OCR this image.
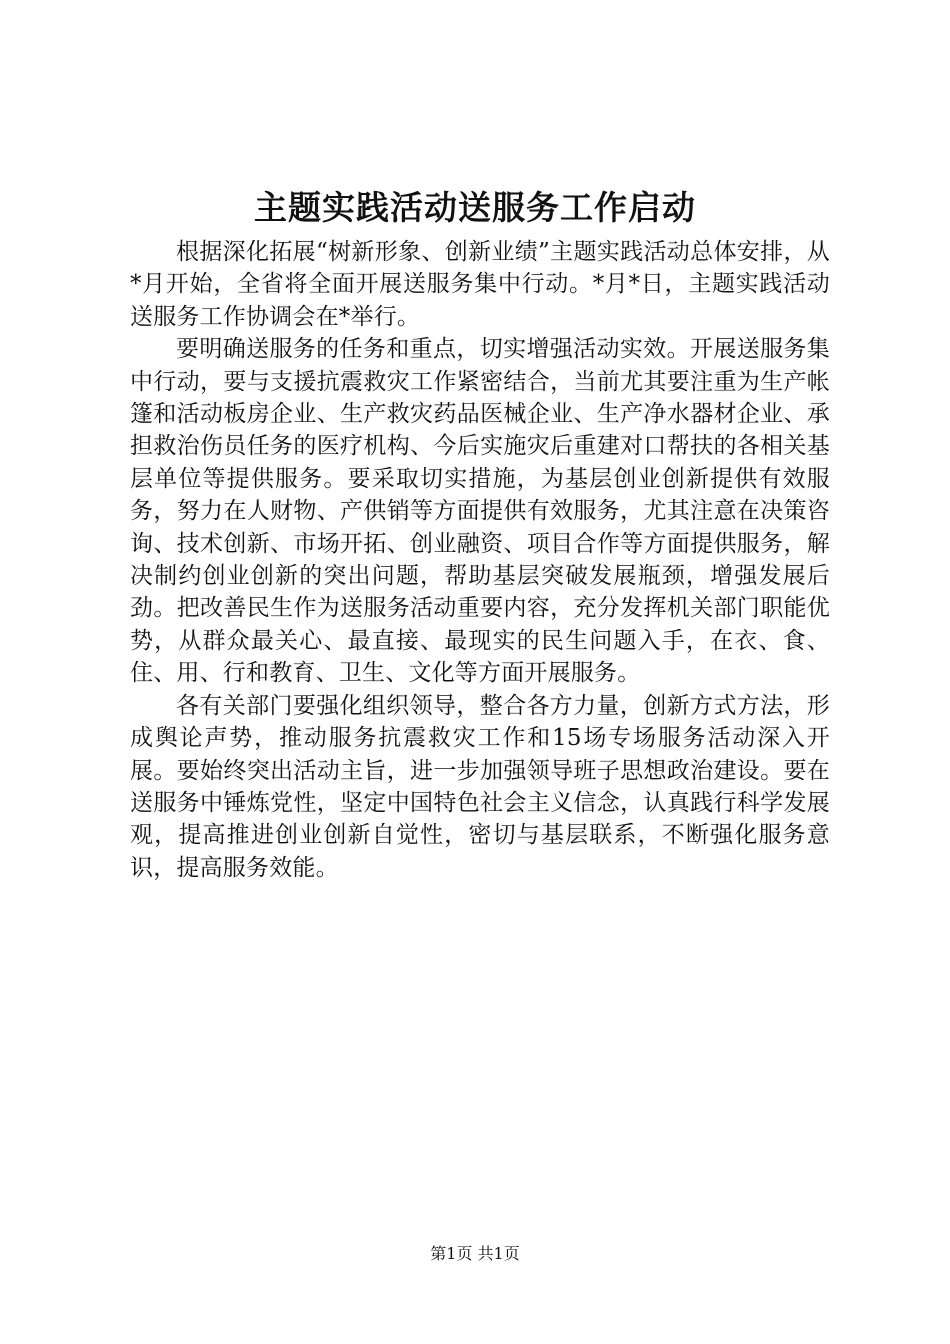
主题实践活动送服务工作启动

根据深化拓展“树新形象、创新业绩”主题实践活动总体安排，从*月开始，全省将全面开展送服务集中行动。*月*日，主题实践活动送服务工作协调会在*举行。

要明确送服务的任务和重点，切实增强活动实效。开展送服务集中行动，要与支援抗震救灾工作紧密结合，当前尤其要注重为生产帐篷和活动板房企业、生产救灾药品医械企业、生产净水器材企业、承担救治伤员任务的医疗机构、今后实施灾后重建对口帮扶的各相关基层单位等提供服务。要采取切实措施，为基层创业创新提供有效服务，努力在人财物、产供销等方面提供有效服务，尤其注意在决策咨询、技术创新、市场开拓、创业融资、项目合作等方面提供服务，解决制约创业创新的突出问题，帮助基层突破发展瓶颈，增强发展后劲。把改善民生作为送服务活动重要内容，充分发挥机关部门职能优势，从群众最关心、最直接、最现实的民生问题入手，在衣、食、住、用、行和教育、卫生、文化等方面开展服务。

各有关部门要强化组织领导，整合各方力量，创新方式方法，形成舆论声势，推动服务抗震救灾工作和15场专场服务活动深入开展。要始终突出活动主旨，进一步加强领导班子思想政治建设。要在送服务中锤炼党性，坚定中国特色社会主义信念，认真践行科学发展观，提高推进创业创新自觉性，密切与基层联系，不断强化服务意识，提高服务效能。

第1页 共1页
